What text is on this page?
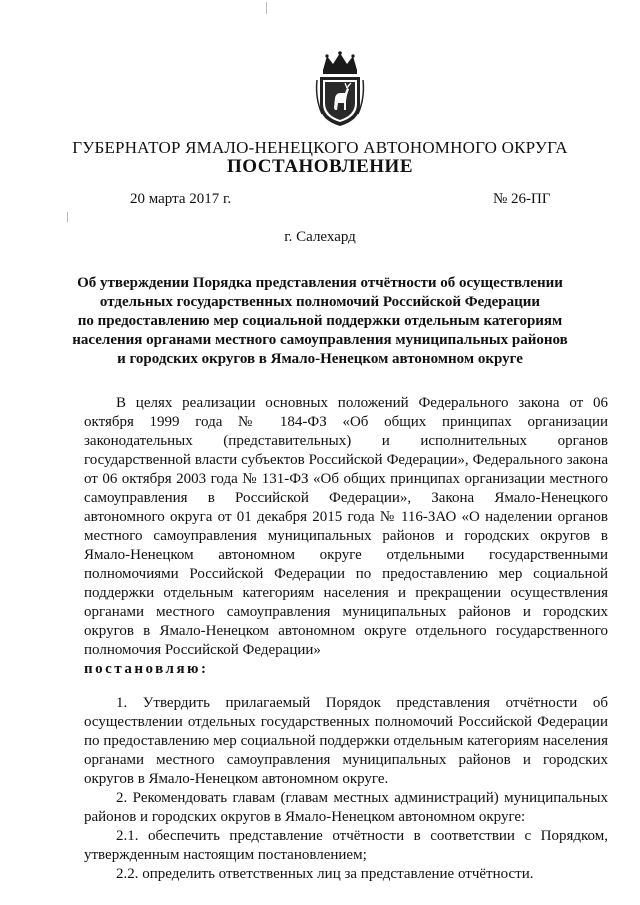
ГУБЕРНАТОР ЯМАЛО-НЕНЕЦКОГО АВТОНОМНОГО ОКРУГА
ПОСТАНОВЛЕНИЕ
20 марта 2017 г.	№ 26-ПГ
г. Салехард
Об утверждении Порядка представления отчётности об осуществлении
отдельных государственных полномочий Российской Федерации
по предоставлению мер социальной поддержки отдельным категориям
населения органами местного самоуправления муниципальных районов
и городских округов в Ямало-Ненецком автономном округе

В целях реализации основных положений Федерального закона от 06 октября 1999 года № 184-ФЗ «Об общих принципах организации законодательных (представительных) и исполнительных органов государственной власти субъектов Российской Федерации», Федерального закона от 06 октября 2003 года № 131-ФЗ «Об общих принципах организации местного самоуправления в Российской Федерации», Закона Ямало-Ненецкого автономного округа от 01 декабря 2015 года № 116-ЗАО «О наделении органов местного самоуправления муниципальных районов и городских округов в Ямало-Ненецком автономном округе отдельными государственными полномочиями Российской Федерации по предоставлению мер социальной поддержки отдельным категориям населения и прекращении осуществления органами местного самоуправления муниципальных районов и городских округов в Ямало-Ненецком автономном округе отдельного государственного полномочия Российской Федерации»

постановляю:

1. Утвердить прилагаемый Порядок представления отчётности об осуществлении отдельных государственных полномочий Российской Федерации по предоставлению мер социальной поддержки отдельным категориям населения органами местного самоуправления муниципальных районов и городских округов в Ямало-Ненецком автономном округе.

2. Рекомендовать главам (главам местных администраций) муниципальных районов и городских округов в Ямало-Ненецком автономном округе:

2.1. обеспечить представление отчётности в соответствии с Порядком, утвержденным настоящим постановлением;

2.2. определить ответственных лиц за представление отчётности.
